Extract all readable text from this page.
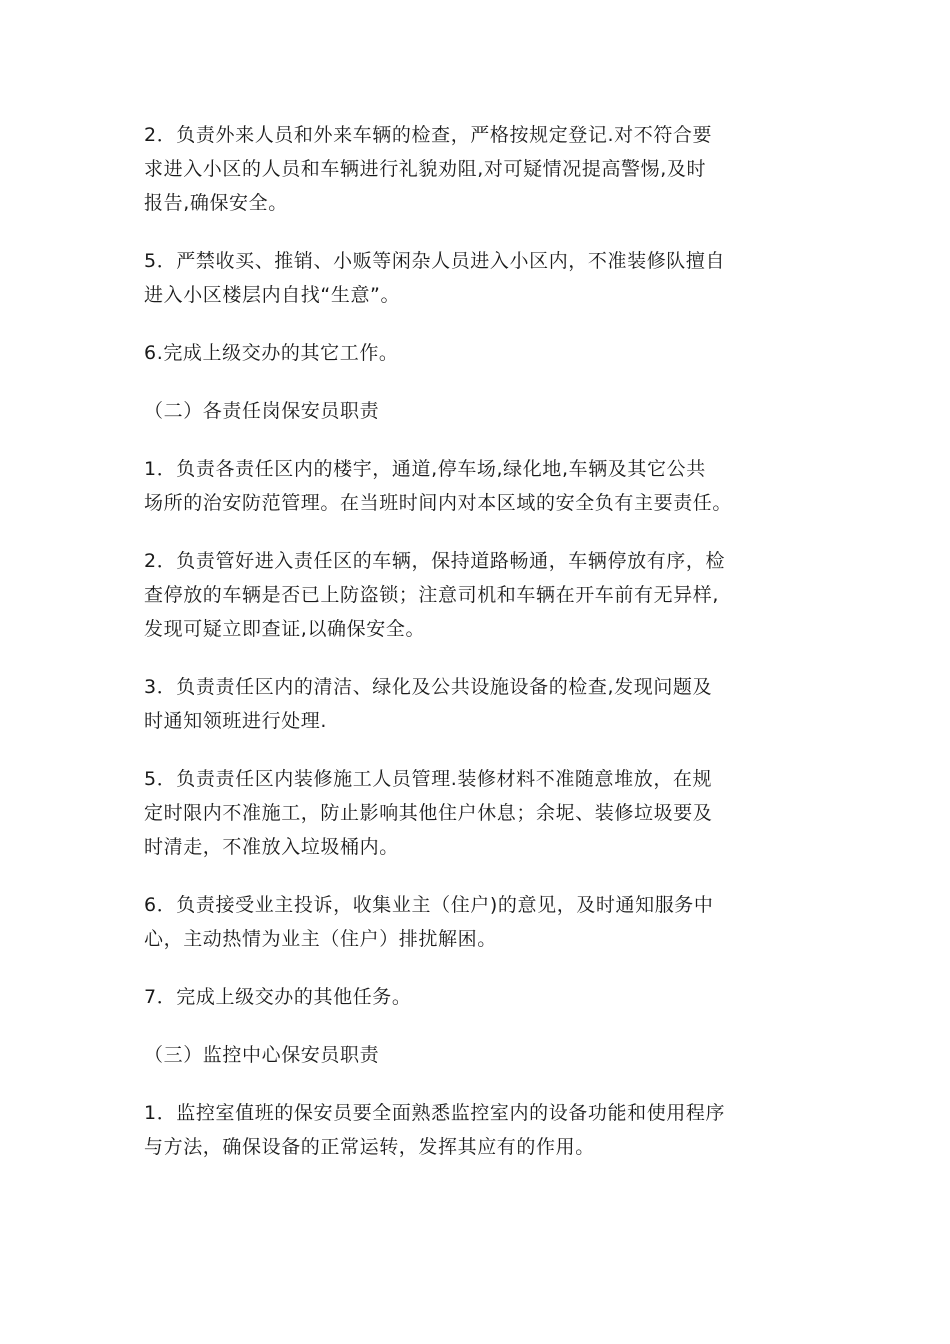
2．负责外来人员和外来车辆的检查，严格按规定登记.对不符合要
求进入小区的人员和车辆进行礼貌劝阻,对可疑情况提高警惕,及时
报告,确保安全。

5．严禁收买、推销、小贩等闲杂人员进入小区内，不准装修队擅自
进入小区楼层内自找“生意”。

6.完成上级交办的其它工作。

（二）各责任岗保安员职责

1．负责各责任区内的楼宇，通道,停车场,绿化地,车辆及其它公共
场所的治安防范管理。在当班时间内对本区域的安全负有主要责任。

2．负责管好进入责任区的车辆，保持道路畅通，车辆停放有序，检
查停放的车辆是否已上防盗锁；注意司机和车辆在开车前有无异样,
发现可疑立即查证,以确保安全。

3．负责责任区内的清洁、绿化及公共设施设备的检查,发现问题及
时通知领班进行处理.

5．负责责任区内装修施工人员管理.装修材料不准随意堆放，在规
定时限内不准施工，防止影响其他住户休息；余坭、装修垃圾要及
时清走，不准放入垃圾桶内。

6．负责接受业主投诉，收集业主（住户)的意见，及时通知服务中
心，主动热情为业主（住户）排扰解困。

7．完成上级交办的其他任务。

（三）监控中心保安员职责

1．监控室值班的保安员要全面熟悉监控室内的设备功能和使用程序
与方法，确保设备的正常运转，发挥其应有的作用。
